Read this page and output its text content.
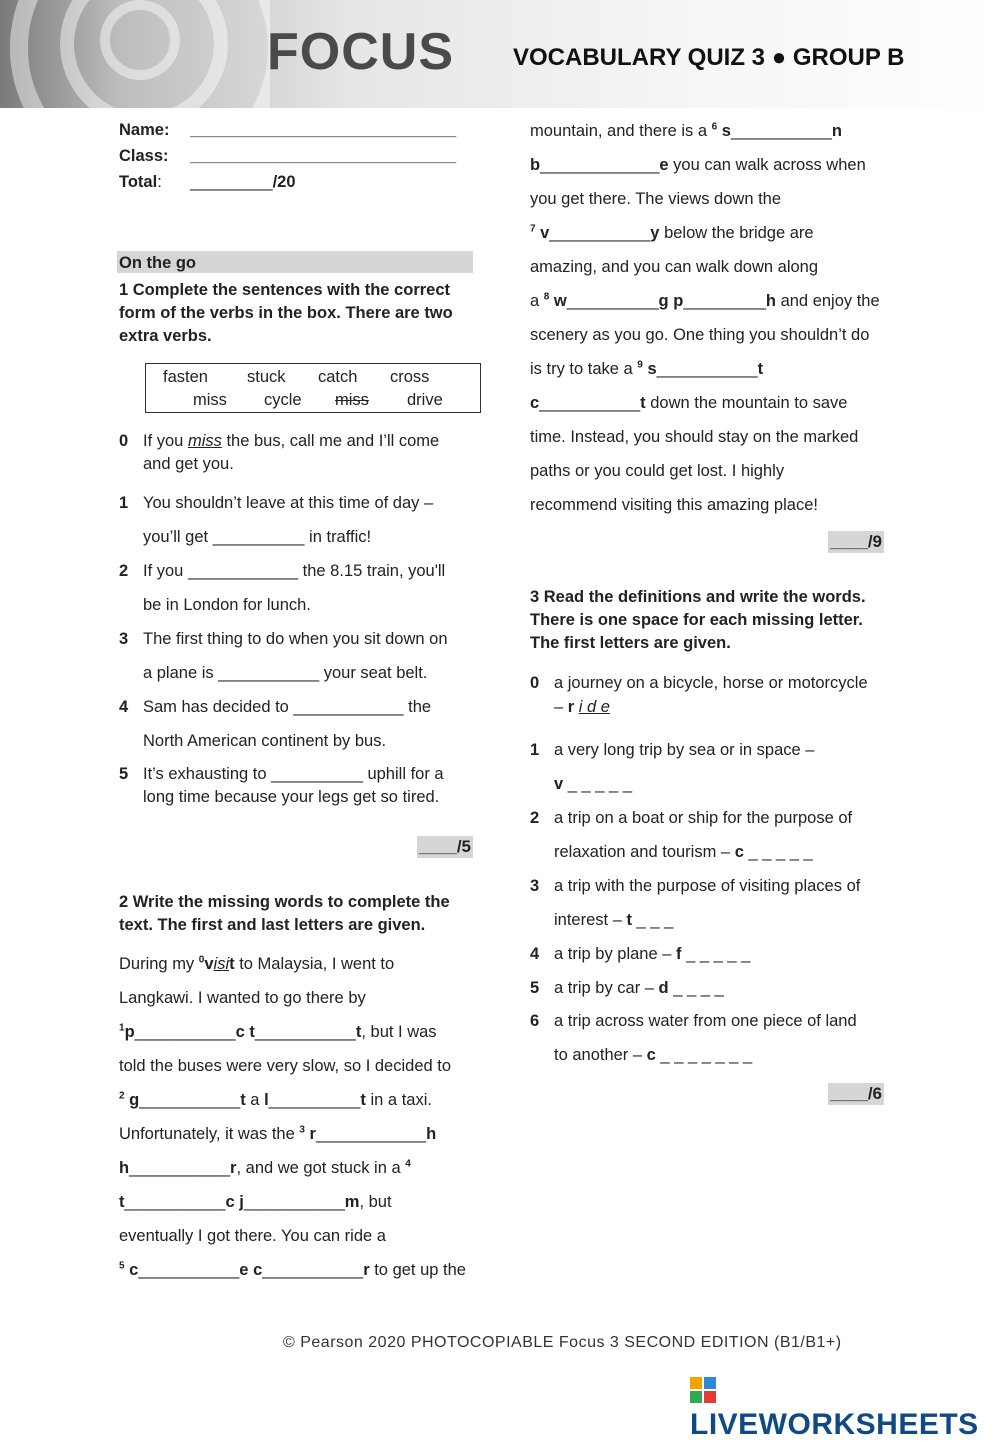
FOCUS VOCABULARY QUIZ 3 ● GROUP B
Name: _____________________________
Class: _____________________________
Total: _________/20
On the go
1 Complete the sentences with the correct
form of the verbs in the box. There are two
extra verbs.
fasten stuck catch cross
miss cycle miss drive
0 If you miss the bus, call me and I’ll come
and get you.
1 You shouldn’t leave at this time of day –
you’ll get __________ in traffic!
2 If you ____________ the 8.15 train, you'll
be in London for lunch.
3 The first thing to do when you sit down on
a plane is ___________ your seat belt.
4 Sam has decided to ____________ the
North American continent by bus.
5 It’s exhausting to __________ uphill for a
long time because your legs get so tired.
____/5
2 Write the missing words to complete the
text. The first and last letters are given.
During my $^0$visit to Malaysia, I went to
Langkawi. I wanted to go there by
$^1$p___________c t___________t, but I was
told the buses were very slow, so I decided to
$^2$ g___________t a l__________t in a taxi.
Unfortunately, it was the $^3$ r____________h
h___________r, and we got stuck in a $^4$
t___________c j___________m, but
eventually I got there. You can ride a
$^5$ c___________e c___________r to get up the
mountain, and there is a $^6$ s___________n
b_____________e you can walk across when
you get there. The views down the
$^7$ v___________y below the bridge are
amazing, and you can walk down along
a $^8$ w__________g p_________h and enjoy the
scenery as you go. One thing you shouldn’t do
is try to take a $^9$ s___________t
c___________t down the mountain to save
time. Instead, you should stay on the marked
paths or you could get lost. I highly
recommend visiting this amazing place!
____/9
3 Read the definitions and write the words.
There is one space for each missing letter.
The first letters are given.
0 a journey on a bicycle, horse or motorcycle
– r i d e
1 a very long trip by sea or in space –
v _ _ _ _ _
2 a trip on a boat or ship for the purpose of
relaxation and tourism – c _ _ _ _ _
3 a trip with the purpose of visiting places of
interest – t _ _ _
4 a trip by plane – f _ _ _ _ _
5 a trip by car – d _ _ _ _
6 a trip across water from one piece of land
to another – c _ _ _ _ _ _ _
____/6
© Pearson 2020 PHOTOCOPIABLE Focus 3 SECOND EDITION (B1/B1+)
LIVEWORKSHEETS
